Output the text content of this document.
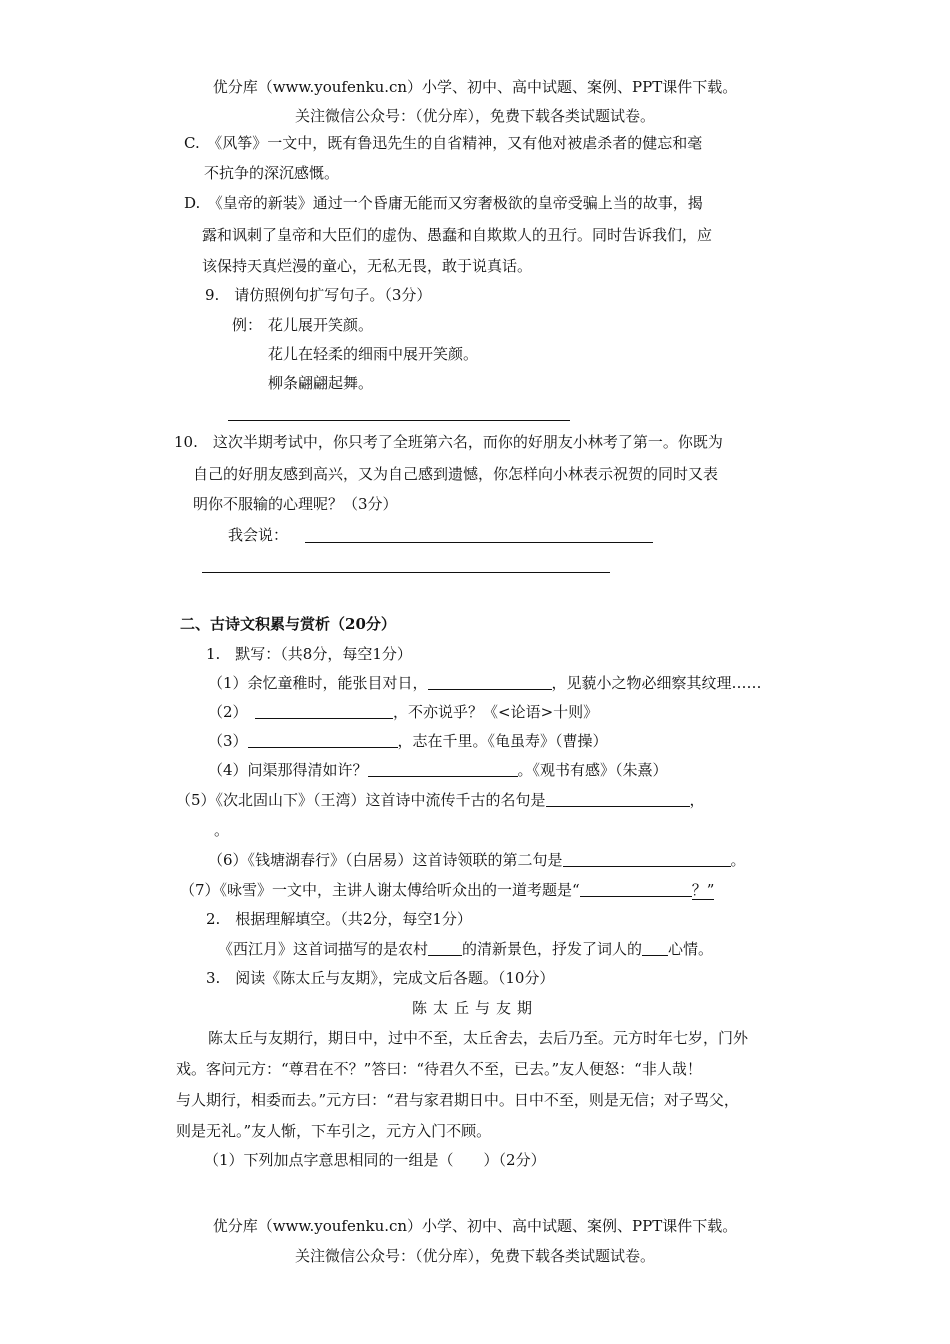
优分库（www.youfenku.cn）小学、初中、高中试题、案例、PPT课件下载。
关注微信公众号：（优分库），免费下载各类试题试卷。
C.　《风筝》一文中，既有鲁迅先生的自省精神，又有他对被虐杀者的健忘和毫
不抗争的深沉感慨。
D.　《皇帝的新装》通过一个昏庸无能而又穷奢极欲的皇帝受骗上当的故事，揭
露和讽刺了皇帝和大臣们的虚伪、愚蠢和自欺欺人的丑行。同时告诉我们，应
该保持天真烂漫的童心，无私无畏，敢于说真话。
9.　请仿照例句扩写句子。（3分）
例： 花儿展开笑颜。
花儿在轻柔的细雨中展开笑颜。
柳条翩翩起舞。
10.　这次半期考试中，你只考了全班第六名，而你的好朋友小林考了第一。你既为
自己的好朋友感到高兴，又为自己感到遗憾，你怎样向小林表示祝贺的同时又表
明你不服输的心理呢？（3分）
我会说：
二、古诗文积累与赏析（20分）
1.　默写：（共8分，每空1分）
（1）余忆童稚时，能张目对日，	，见藐小之物必细察其纹理……
（2）　	，不亦说乎？《<论语>十则》
（3）	，志在千里。《龟虽寿》（曹操）
（4）问渠那得清如许？	。《观书有感》（朱熹）
（5）《次北固山下》（王湾）这首诗中流传千古的名句是	，
。
（6）《钱塘湖春行》（白居易）这首诗领联的第二句是	。
（7）《咏雪》一文中，主讲人谢太傅给听众出的一道考题是“	？”
2.　根据理解填空。（共2分，每空1分）
《西江月》这首词描写的是农村 的清新景色，抒发了词人的 心情。
3.　阅读《陈太丘与友期》，完成文后各题。（10分）
陈太丘与友期
陈太丘与友期行，期日中，过中不至，太丘舍去，去后乃至。元方时年七岁，门外
戏。客问元方：“尊君在不？”答曰：“待君久不至，已去。”友人便怒：“非人哉！
与人期行，相委而去。”元方曰：“君与家君期日中。日中不至，则是无信；对子骂父，
则是无礼。”友人惭，下车引之，元方入门不顾。
（1）下列加点字意思相同的一组是（　　）（2分）
优分库（www.youfenku.cn）小学、初中、高中试题、案例、PPT课件下载。
关注微信公众号：（优分库），免费下载各类试题试卷。
